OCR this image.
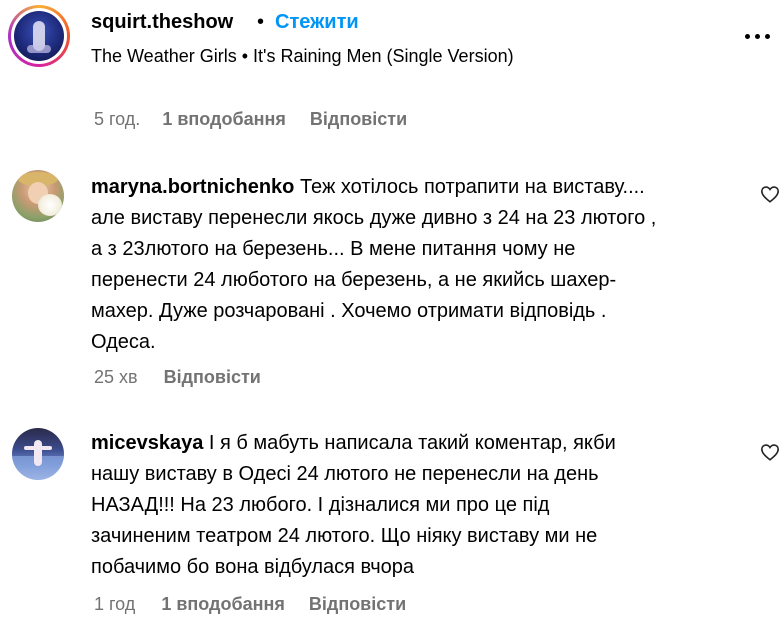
squirt.theshow • Стежити
The Weather Girls • It's Raining Men (Single Version)
5 год. 1 вподобання Відповісти
maryna.bortnichenko Теж хотілось потрапити на виставу....
але виставу перенесли якось дуже дивно з 24 на 23 лютого ,
а з 23лютого на березень... В мене питання чому не
перенести 24 люботого на березень, а не якийсь шахер-
махер. Дуже розчаровані . Хочемо отримати відповідь .
Одеса.
25 хв Відповісти
micevskaya І я б мабуть написала такий коментар, якби
нашу виставу в Одесі 24 лютого не перенесли на день
НАЗАД!!! На 23 любого. І дізналися ми про це під
зачиненим театром 24 лютого. Що ніяку виставу ми не
побачимо бо вона відбулася вчора
1 год 1 вподобання Відповісти
